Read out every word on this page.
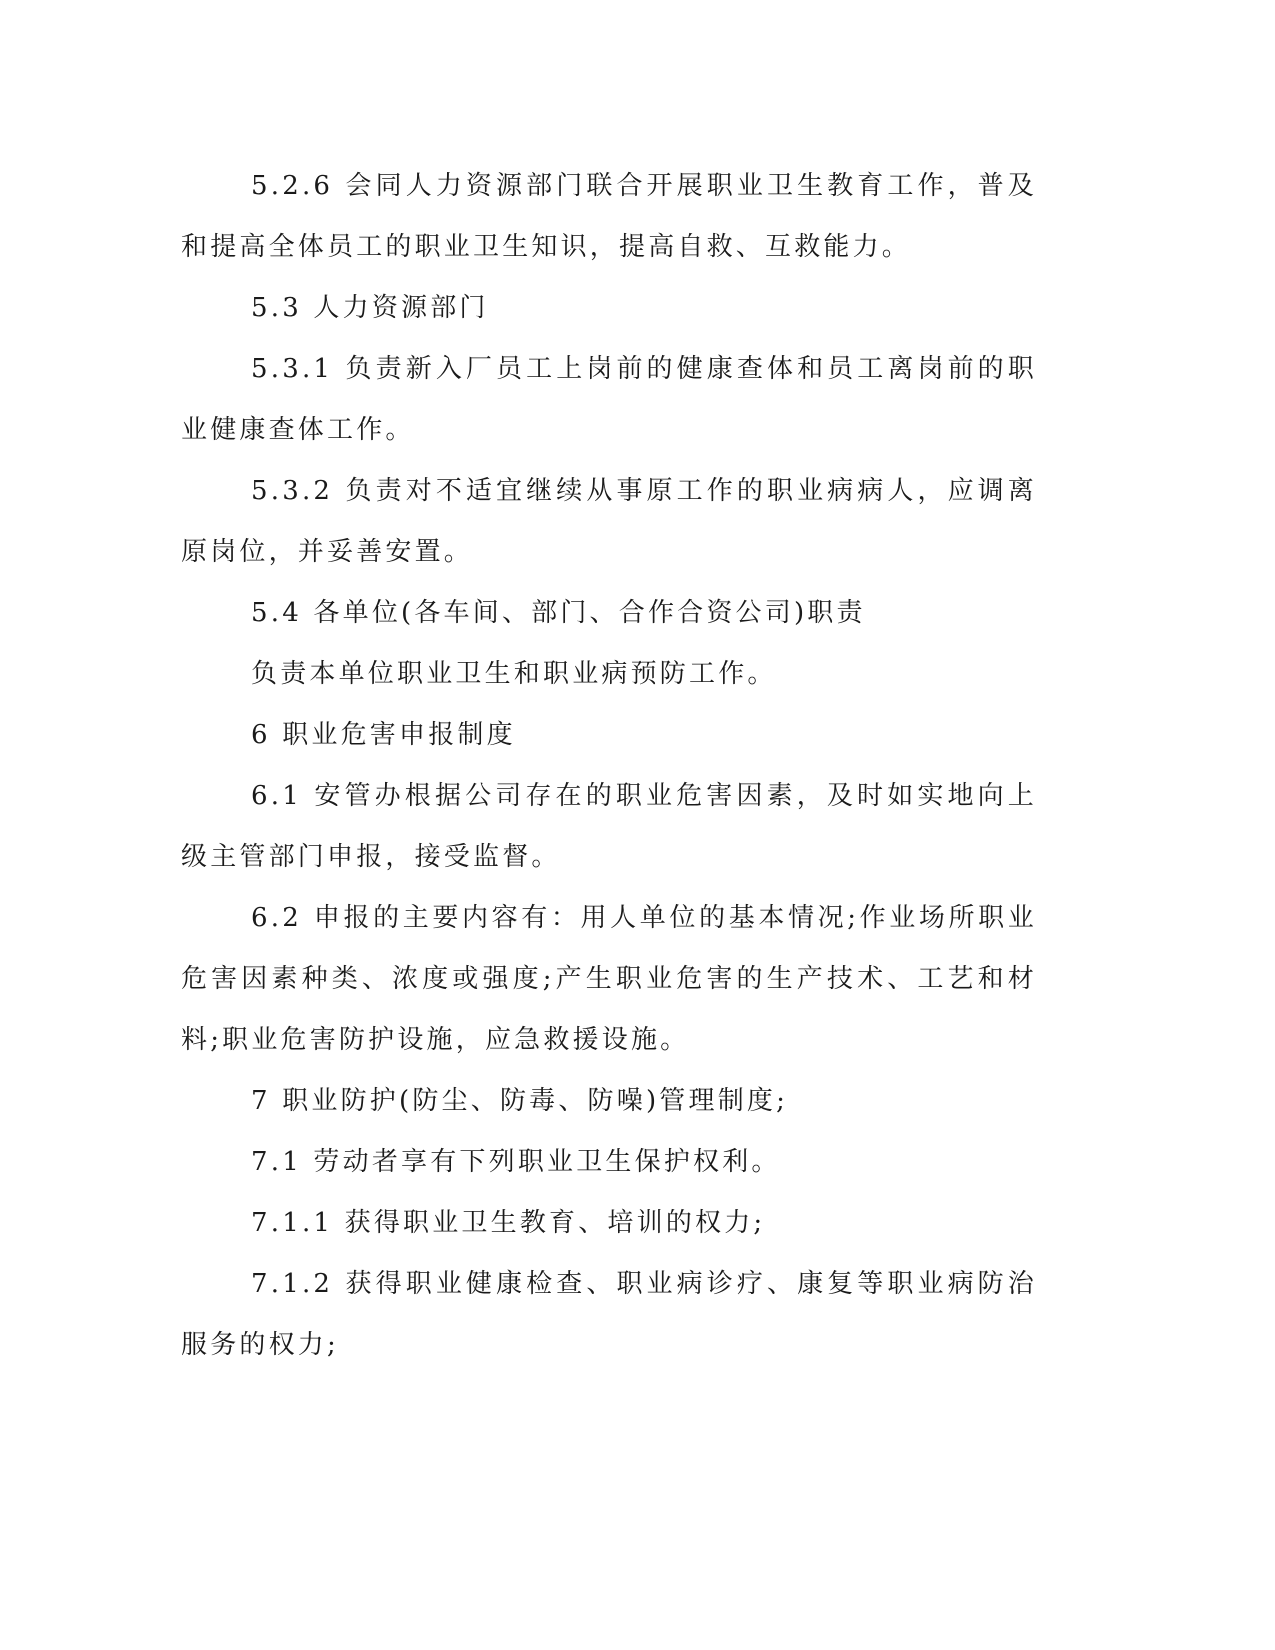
5.2.6 会同人力资源部门联合开展职业卫生教育工作，普及和提高全体员工的职业卫生知识，提高自救、互救能力。

5.3 人力资源部门

5.3.1 负责新入厂员工上岗前的健康查体和员工离岗前的职业健康查体工作。

5.3.2 负责对不适宜继续从事原工作的职业病病人，应调离原岗位，并妥善安置。

5.4 各单位(各车间、部门、合作合资公司)职责

负责本单位职业卫生和职业病预防工作。

6 职业危害申报制度

6.1 安管办根据公司存在的职业危害因素，及时如实地向上级主管部门申报，接受监督。

6.2 申报的主要内容有：用人单位的基本情况;作业场所职业危害因素种类、浓度或强度;产生职业危害的生产技术、工艺和材料;职业危害防护设施，应急救援设施。

7 职业防护(防尘、防毒、防噪)管理制度;

7.1 劳动者享有下列职业卫生保护权利。

7.1.1 获得职业卫生教育、培训的权力;

7.1.2 获得职业健康检查、职业病诊疗、康复等职业病防治服务的权力;
